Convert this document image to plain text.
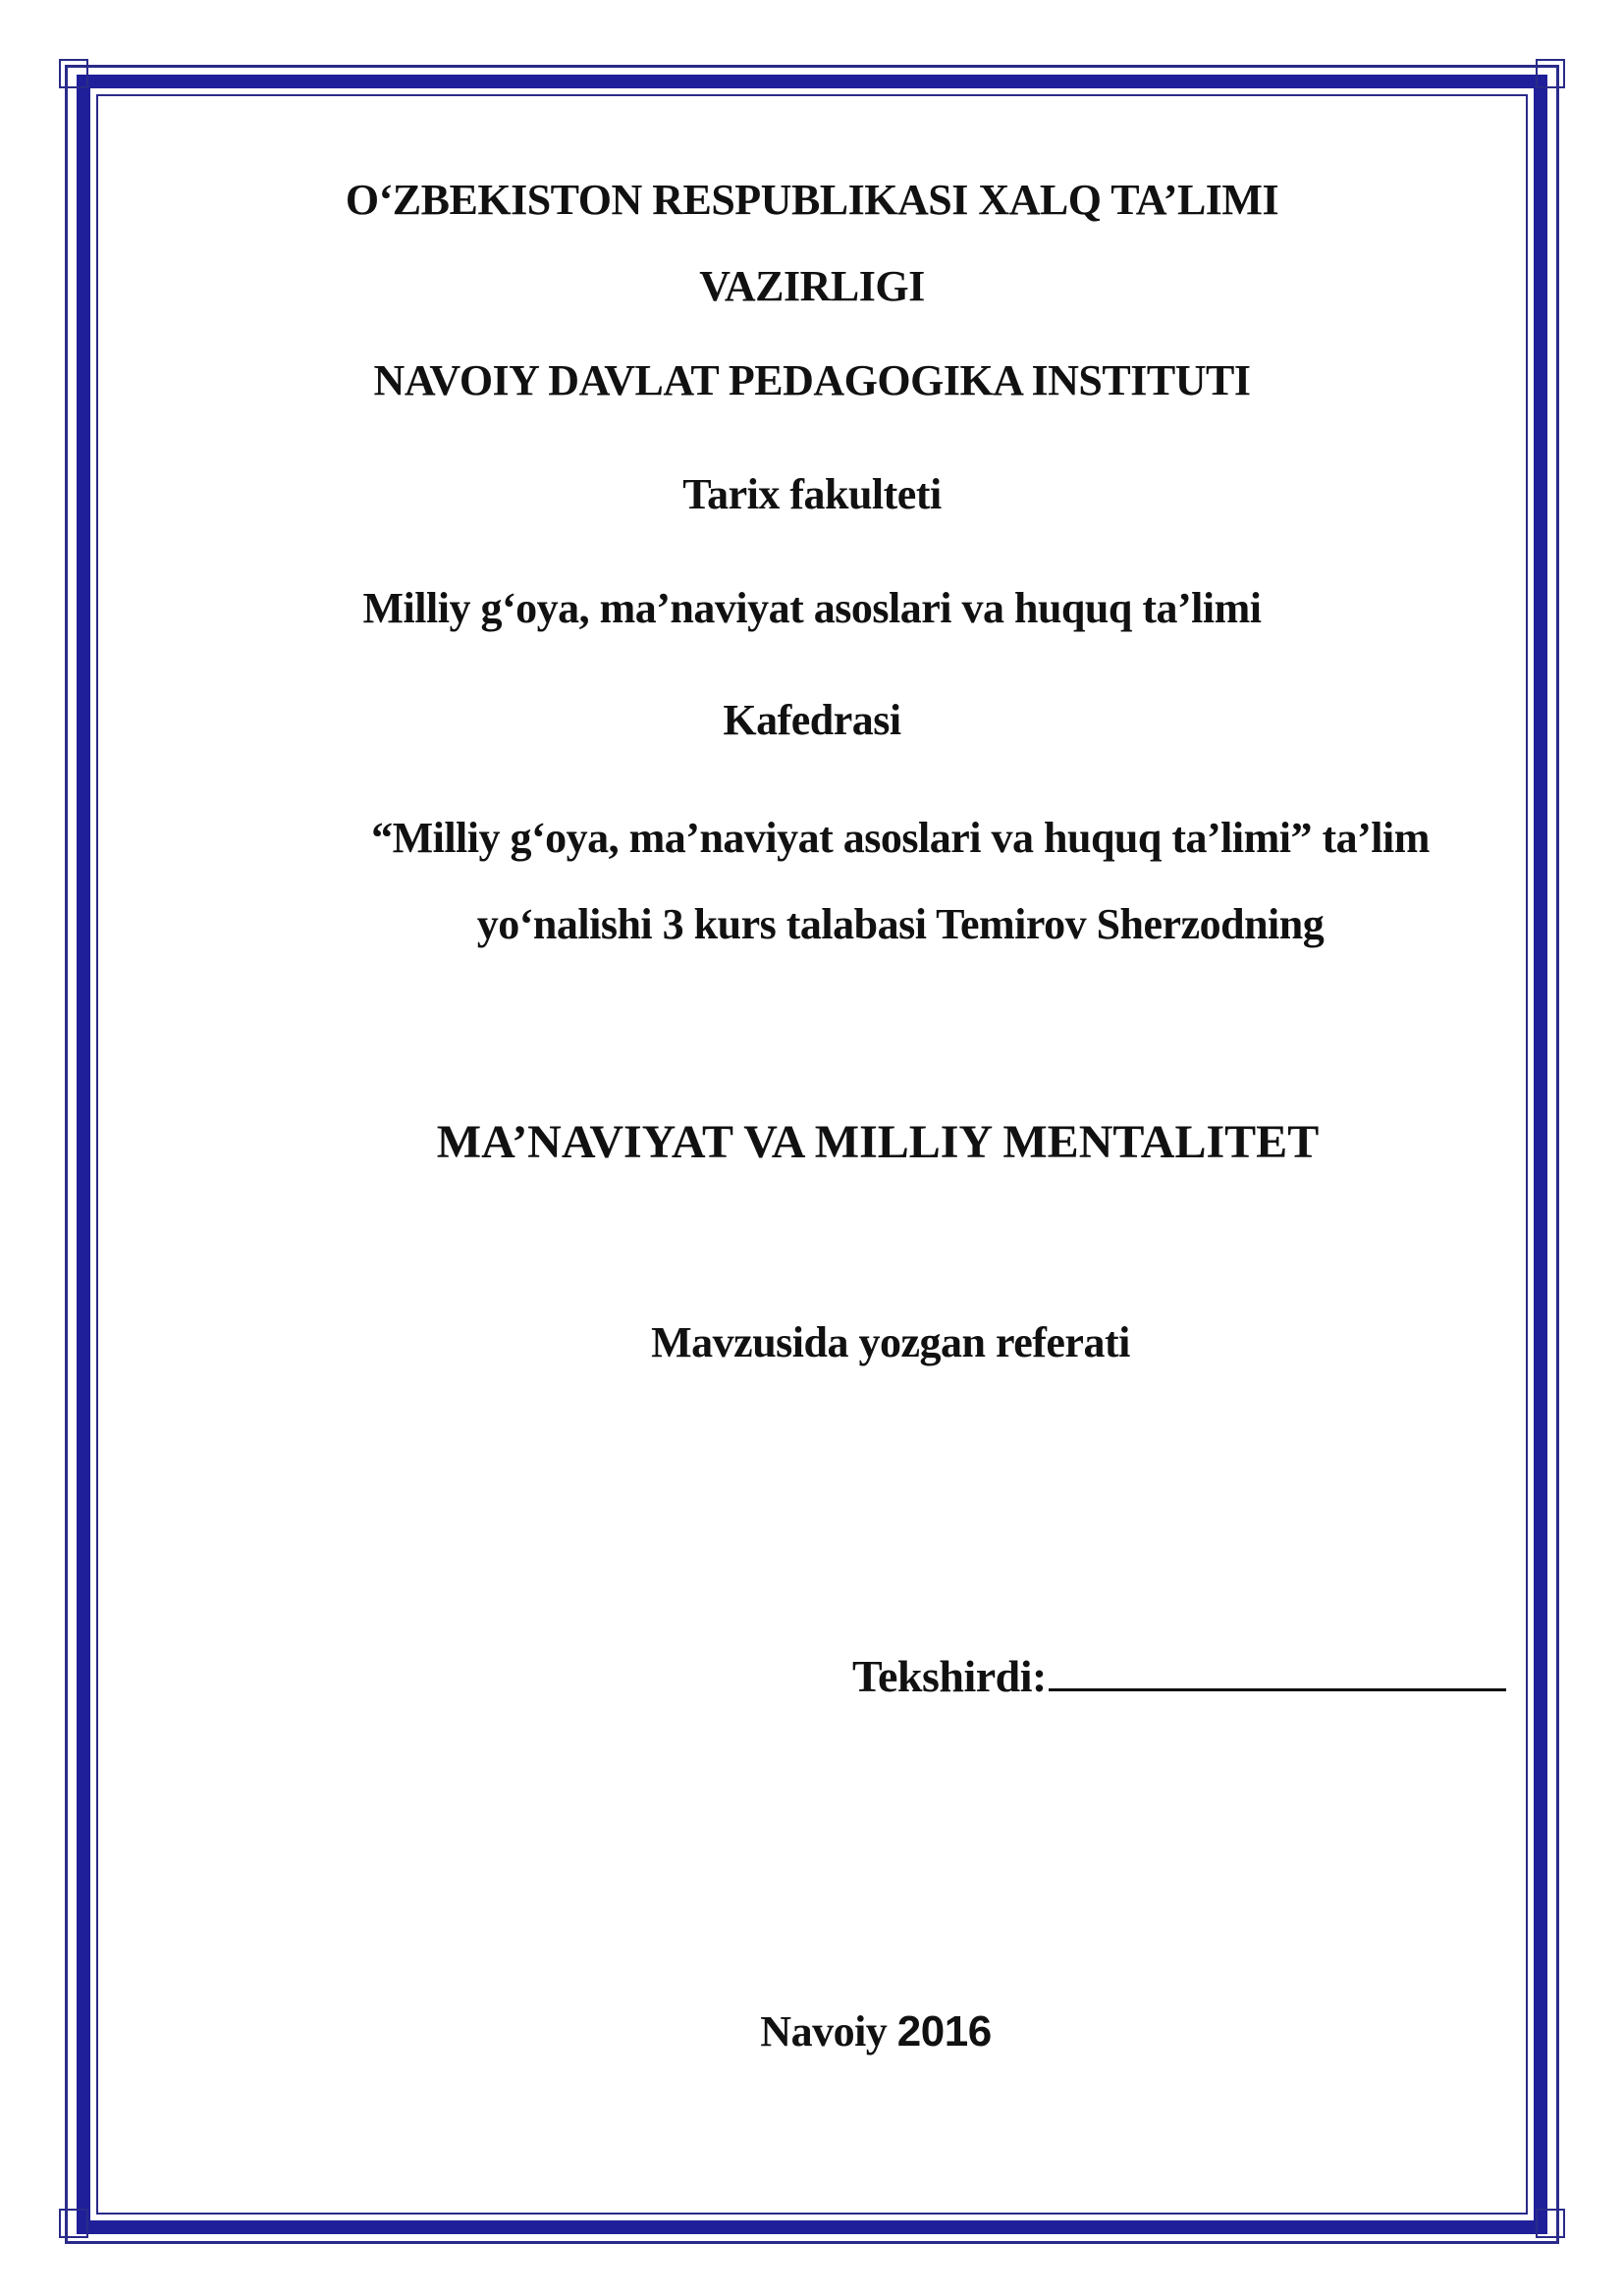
O‘ZBEKISTON RESPUBLIKASI XALQ TA’LIMI
VAZIRLIGI
NAVOIY DAVLAT PEDAGOGIKA INSTITUTI
Tarix fakulteti
Milliy g‘oya, ma’naviyat asoslari va huquq ta’limi
Kafedrasi
“Milliy g‘oya, ma’naviyat asoslari va huquq ta’limi” ta’lim
yo‘nalishi 3 kurs talabasi Temirov Sherzodning
MA’NAVIYAT VA MILLIY MENTALITET
Mavzusida yozgan referati
Tekshirdi:
Navoiy 2016
